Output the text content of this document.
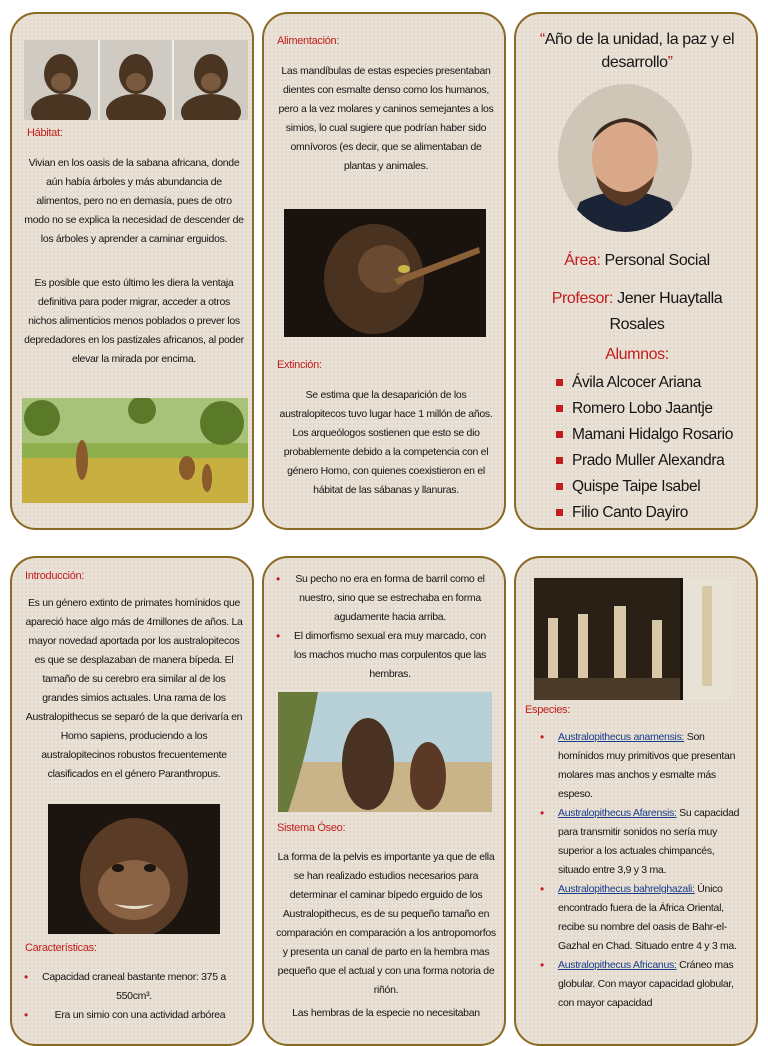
Hábitat:
Vivian en los oasis de la sabana africana, donde aún había árboles y más abundancia de alimentos, pero no en demasía, pues de otro modo no se explica la necesidad de descender de los árboles y aprender a caminar erguidos.
Es posible que esto último les diera la ventaja definitiva para poder migrar, acceder a otros nichos alimenticios menos poblados o prever los depredadores en los pastizales africanos, al poder elevar la mirada por encima.
Alimentación:
Las mandíbulas de estas especies presentaban dientes con esmalte denso como los humanos, pero a la vez molares y caninos semejantes a los simios, lo cual sugiere que podrían haber sido omnívoros (es decir, que se alimentaban de plantas y animales.
Extinción:
Se estima que la desaparición de los australopitecos tuvo lugar hace 1 millón de años. Los arqueólogos sostienen que esto se dio probablemente debido a la competencia con el género Homo, con quienes coexistieron en el hábitat de las sábanas y llanuras.
“Año de la unidad, la paz y el desarrollo”
Área: Personal Social
Profesor: Jener Huaytalla Rosales
Alumnos:
Ávila Alcocer Ariana
Romero Lobo Jaantje
Mamani Hidalgo Rosario
Prado Muller Alexandra
Quispe Taipe Isabel
Filio Canto Dayiro
Introducción:
Es un género extinto de primates homínidos que apareció hace algo más de 4millones de años. La mayor novedad aportada por los australopitecos es que se desplazaban de manera bípeda. El tamaño de su cerebro era similar al de los grandes simios actuales. Una rama de los Australopithecus se separó de la que derivaría en Homo sapiens, produciendo a los australopitecinos robustos frecuentemente clasificados en el género Paranthropus.
Características:
• Capacidad craneal bastante menor: 375 a 550cm³.
• Era un simio con una actividad arbórea
• Su pecho no era en forma de barril como el nuestro, sino que se estrechaba en forma agudamente hacia arriba.
• El dimorfismo sexual era muy marcado, con los machos mucho mas corpulentos que las hembras.
Sistema Óseo:
La forma de la pelvis es importante ya que de ella se han realizado estudios necesarios para determinar el caminar bípedo erguido de los Australopithecus, es de su pequeño tamaño en comparación en comparación a los antropomorfos y presenta un canal de parto en la hembra mas pequeño que el actual y con una forma notoria de riñón.
Las hembras de la especie no necesitaban
Especies:
• Australopithecus anamensis: Son homínidos muy primitivos que presentan molares mas anchos y esmalte más espeso.
• Australopithecus Afarensis: Su capacidad para transmitir sonidos no sería muy superior a los actuales chimpancés, situado entre 3,9 y 3 ma.
• Australopithecus bahrelghazali: Único encontrado fuera de la África Oriental, recibe su nombre del oasis de Bahr-el-Gazhal en Chad. Situado entre 4 y 3 ma.
• Australopithecus Africanus: Cráneo mas globular. Con mayor capacidad globular, con mayor capacidad
